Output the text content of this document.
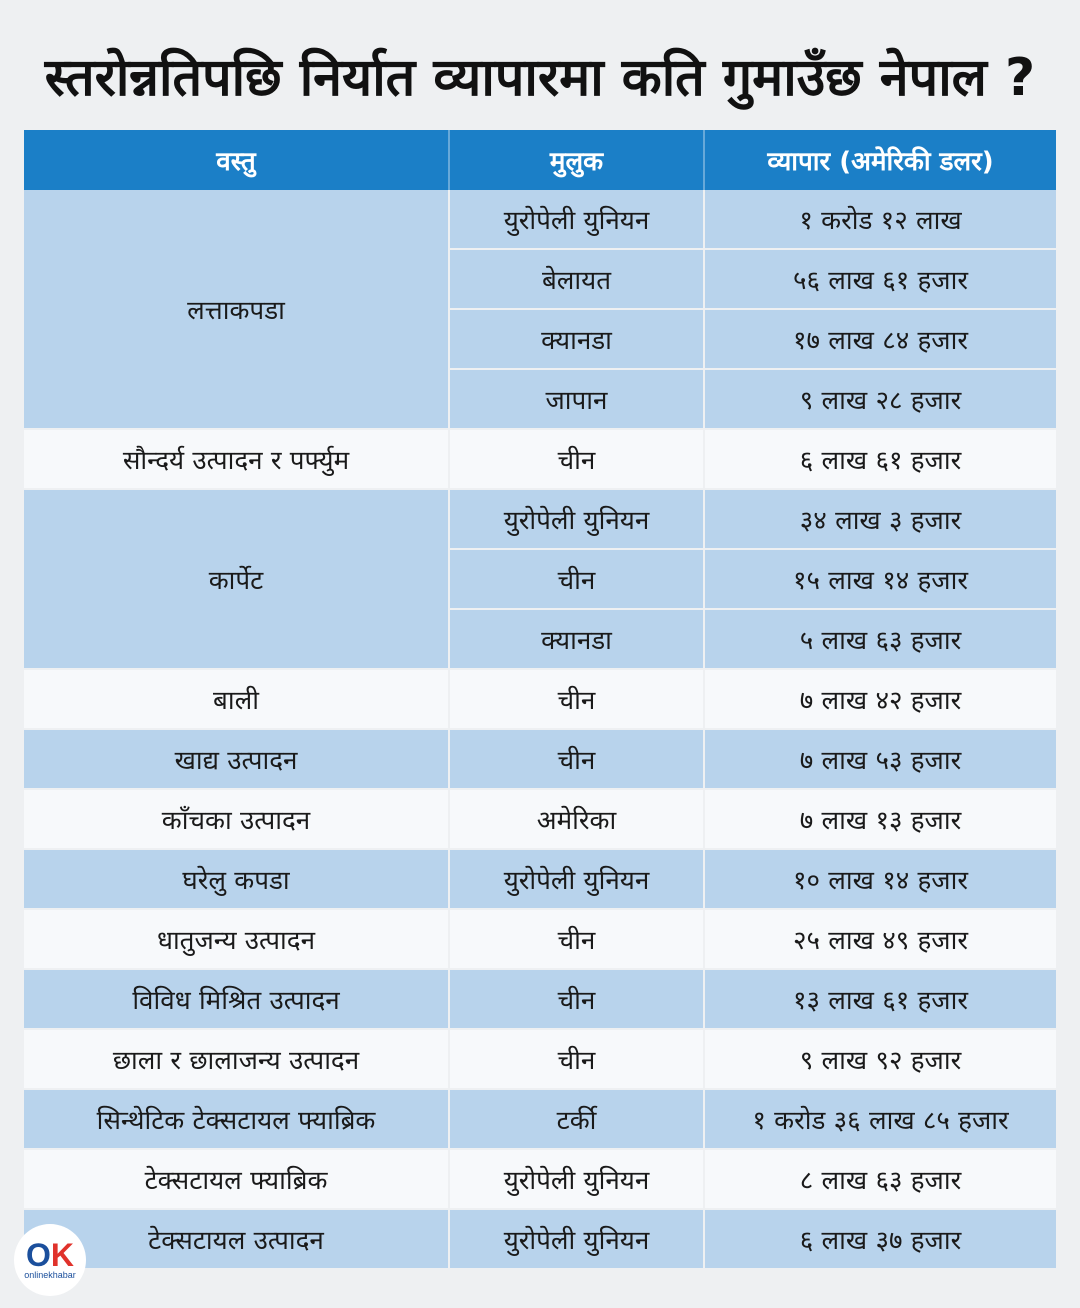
स्तरोन्नतिपछि निर्यात व्यापारमा कति गुमाउँछ नेपाल ?
वस्तु	मुलुक	व्यापार (अमेरिकी डलर)
लत्ताकपडा	युरोपेली युनियन	१ करोड १२ लाख
	बेलायत	५६ लाख ६१ हजार
	क्यानडा	१७ लाख ८४ हजार
	जापान	९ लाख २८ हजार
सौन्दर्य उत्पादन र पर्फ्युम	चीन	६ लाख ६१ हजार
कार्पेट	युरोपेली युनियन	३४ लाख ३ हजार
	चीन	१५ लाख १४ हजार
	क्यानडा	५ लाख ६३ हजार
बाली	चीन	७ लाख ४२ हजार
खाद्य उत्पादन	चीन	७ लाख ५३ हजार
काँचका उत्पादन	अमेरिका	७ लाख १३ हजार
घरेलु कपडा	युरोपेली युनियन	१० लाख १४ हजार
धातुजन्य उत्पादन	चीन	२५ लाख ४९ हजार
विविध मिश्रित उत्पादन	चीन	१३ लाख ६१ हजार
छाला र छालाजन्य उत्पादन	चीन	९ लाख ९२ हजार
सिन्थेटिक टेक्सटायल फ्याब्रिक	टर्की	१ करोड ३६ लाख ८५ हजार
टेक्सटायल फ्याब्रिक	युरोपेली युनियन	८ लाख ६३ हजार
टेक्सटायल उत्पादन	युरोपेली युनियन	६ लाख ३७ हजार
OK
onlinekhabar
